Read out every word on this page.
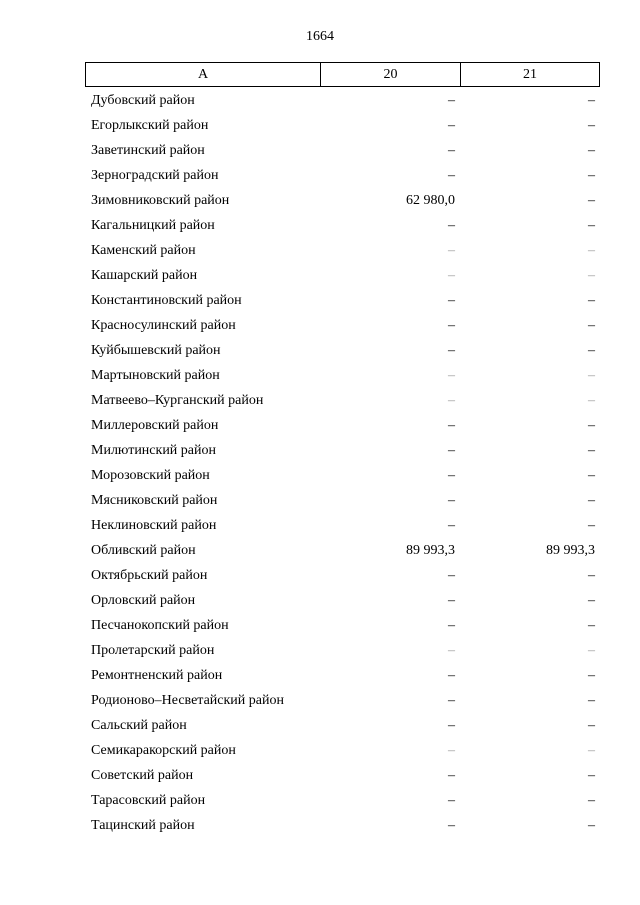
1664
А	20	21
Дубовский район	–	–
Егорлыкский район	–	–
Заветинский район	–	–
Зерноградский район	–	–
Зимовниковский район	62 980,0	–
Кагальницкий район	–	–
Каменский район	–	–
Кашарский район	–	–
Константиновский район	–	–
Красносулинский район	–	–
Куйбышевский район	–	–
Мартыновский район	–	–
Матвеево–Курганский район	–	–
Миллеровский район	–	–
Милютинский район	–	–
Морозовский район	–	–
Мясниковский район	–	–
Неклиновский район	–	–
Обливский район	89 993,3	89 993,3
Октябрьский район	–	–
Орловский район	–	–
Песчанокопский район	–	–
Пролетарский район	–	–
Ремонтненский район	–	–
Родионово–Несветайский район	–	–
Сальский район	–	–
Семикаракорский район	–	–
Советский район	–	–
Тарасовский район	–	–
Тацинский район	–	–
